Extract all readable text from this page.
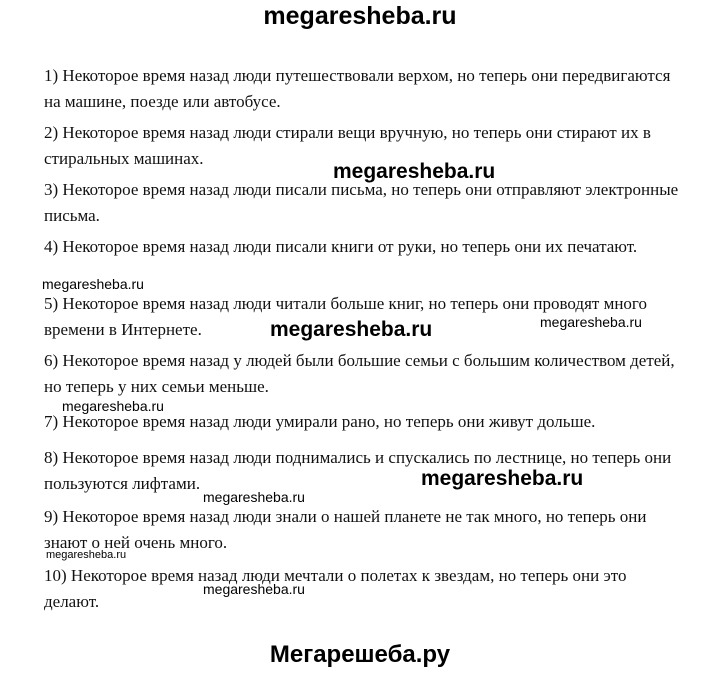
megaresheba.ru

1) Некоторое время назад люди путешествовали верхом, но теперь они передвигаются на машине, поезде или автобусе.

2) Некоторое время назад люди стирали вещи вручную, но теперь они стирают их в стиральных машинах.

3) Некоторое время назад люди писали письма, но теперь они отправляют электронные письма.

4) Некоторое время назад люди писали книги от руки, но теперь они их печатают.

5) Некоторое время назад люди читали больше книг, но теперь они проводят много времени в Интернете.

6) Некоторое время назад у людей были большие семьи с большим количеством детей, но теперь у них семьи меньше.

7) Некоторое время назад люди умирали рано, но теперь они живут дольше.

8) Некоторое время назад люди поднимались и спускались по лестнице, но теперь они пользуются лифтами.

9) Некоторое время назад люди знали о нашей планете не так много, но теперь они знают о ней очень много.

10) Некоторое время назад люди мечтали о полетах к звездам, но теперь они это делают.

megaresheba.ru
megaresheba.ru
megaresheba.ru	megaresheba.ru
megaresheba.ru
megaresheba.ru
megaresheba.ru
megaresheba.ru
megaresheba.ru
Мегарешеба.ру
